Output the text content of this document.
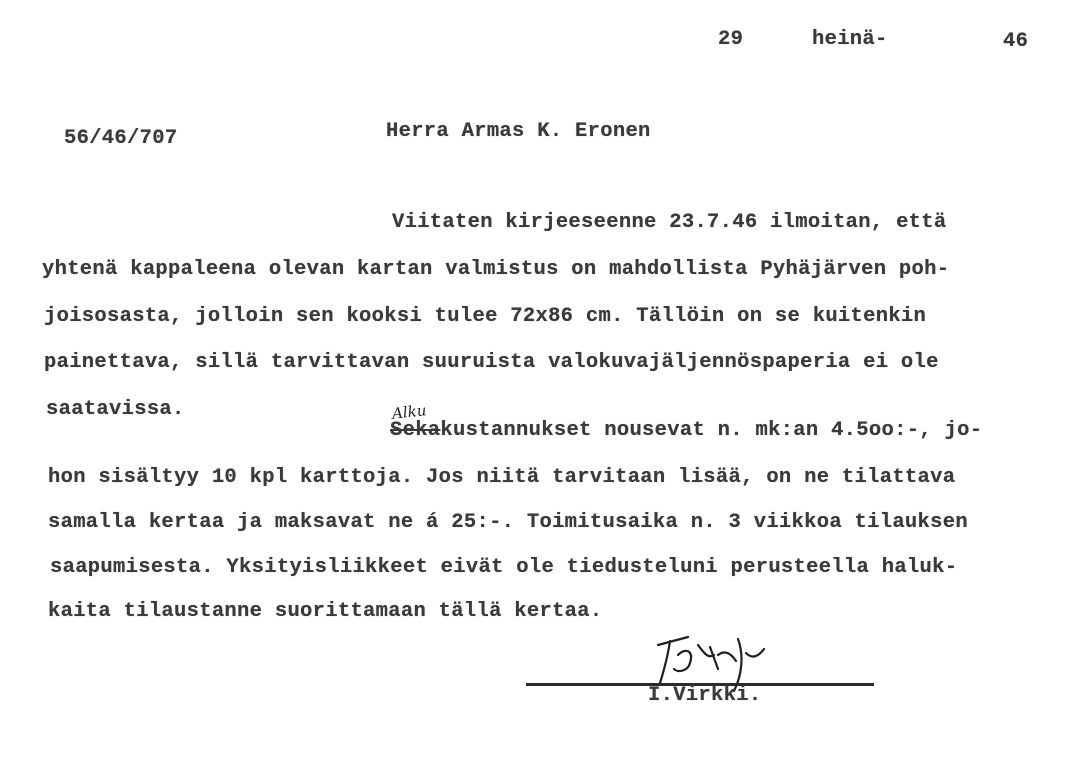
29	heinä-	46
56/46/707	Herra Armas K. Eronen
Viitaten kirjeeseenne 23.7.46 ilmoitan, että
yhtenä kappaleena olevan kartan valmistus on mahdollista Pyhäjärven poh-
joisosasta, jolloin sen kooksi tulee 72x86 cm. Tällöin on se kuitenkin
painettava, sillä tarvittavan suuruista valokuvajäljennöspaperia ei ole
saatavissa.	Alku
Sekakustannukset nousevat n. mk:an 4.5oo:-, jo-
hon sisältyy 10 kpl karttoja. Jos niitä tarvitaan lisää, on ne tilattava
samalla kertaa ja maksavat ne á 25:-. Toimitusaika n. 3 viikkoa tilauksen
saapumisesta. Yksityisliikkeet eivät ole tiedusteluni perusteella haluk-
kaita tilaustanne suorittamaan tällä kertaa.
I.Virkki.
